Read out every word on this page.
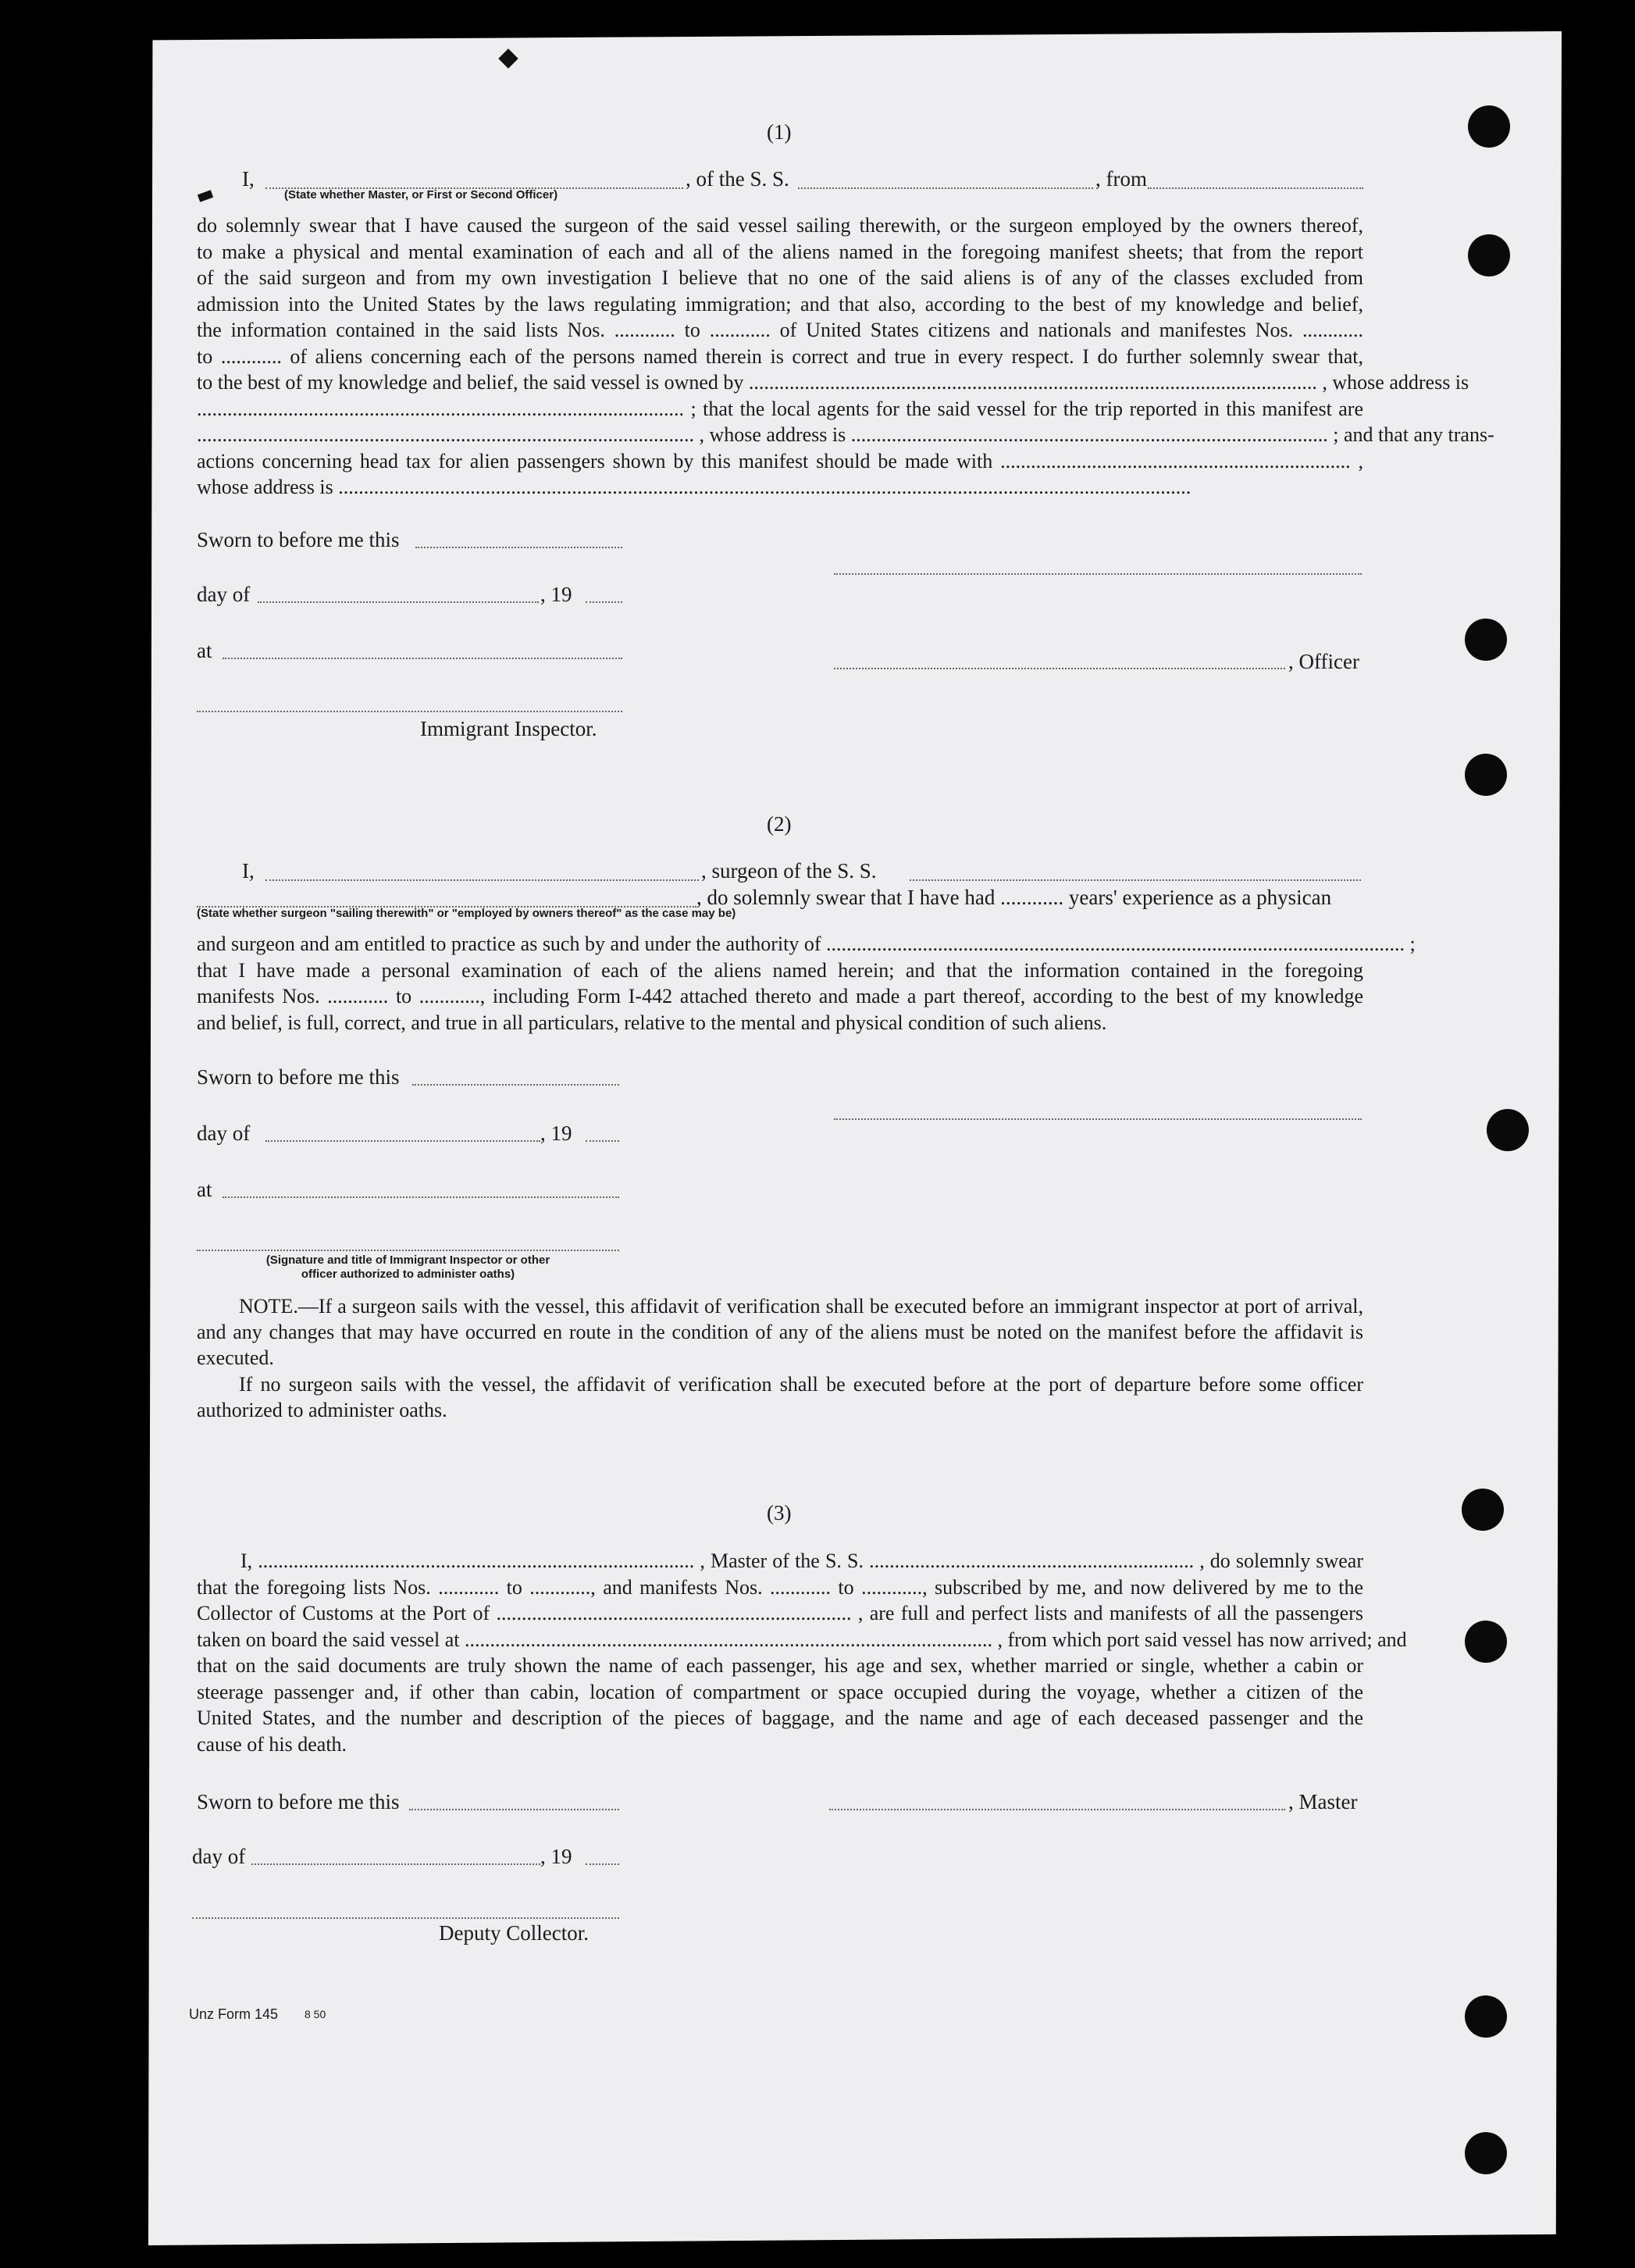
(1)
I,	, of the S. S.	, from
(State whether Master, or First or Second Officer)
do solemnly swear that I have caused the surgeon of the said vessel sailing therewith, or the surgeon employed by the owners thereof,
to make a physical and mental examination of each and all of the aliens named in the foregoing manifest sheets; that from the report
of the said surgeon and from my own investigation I believe that no one of the said aliens is of any of the classes excluded from
admission into the United States by the laws regulating immigration; and that also, according to the best of my knowledge and belief,
the information contained in the said lists Nos. ............ to ............ of United States citizens and nationals and manifestes Nos. ............
to ............ of aliens concerning each of the persons named therein is correct and true in every respect. I do further solemnly swear that,
to the best of my knowledge and belief, the said vessel is owned by ................................................................................................................ , whose address is
................................................................................................ ; that the local agents for the said vessel for the trip reported in this manifest are
.................................................................................................. , whose address is .............................................................................................. ; and that any trans-
actions concerning head tax for alien passengers shown by this manifest should be made with ..................................................................... ,
whose address is ........................................................................................................................................................................
Sworn to before me this
day of	, 19
at	, Officer
Immigrant Inspector.
(2)
I,	, surgeon of the S. S.
, do solemnly swear that I have had ............ years' experience as a physican
(State whether surgeon "sailing therewith" or "employed by owners thereof" as the case may be)
and surgeon and am entitled to practice as such by and under the authority of .................................................................................................................. ;
that I have made a personal examination of each of the aliens named herein; and that the information contained in the foregoing
manifests Nos. ............ to ............, including Form I-442 attached thereto and made a part thereof, according to the best of my knowledge
and belief, is full, correct, and true in all particulars, relative to the mental and physical condition of such aliens.
Sworn to before me this
day of	, 19
at
(Signature and title of Immigrant Inspector or other
officer authorized to administer oaths)
NOTE.—If a surgeon sails with the vessel, this affidavit of verification shall be executed before an immigrant inspector at port of arrival, and any changes that may have occurred en route in the condition of any of the aliens must be noted on the manifest before the affidavit is executed.
If no surgeon sails with the vessel, the affidavit of verification shall be executed before at the port of departure before some officer authorized to administer oaths.
(3)
I, ...................................................................................... , Master of the S. S. ................................................................ , do solemnly swear
that the foregoing lists Nos. ............ to ............, and manifests Nos. ............ to ............, subscribed by me, and now delivered by me to the
Collector of Customs at the Port of ...................................................................... , are full and perfect lists and manifests of all the passengers
taken on board the said vessel at ........................................................................................................ , from which port said vessel has now arrived; and
that on the said documents are truly shown the name of each passenger, his age and sex, whether married or single, whether a cabin or
steerage passenger and, if other than cabin, location of compartment or space occupied during the voyage, whether a citizen of the
United States, and the number and description of the pieces of baggage, and the name and age of each deceased passenger and the
cause of his death.
Sworn to before me this	, Master
day of	, 19
Deputy Collector.
Unz Form 145 8 50
